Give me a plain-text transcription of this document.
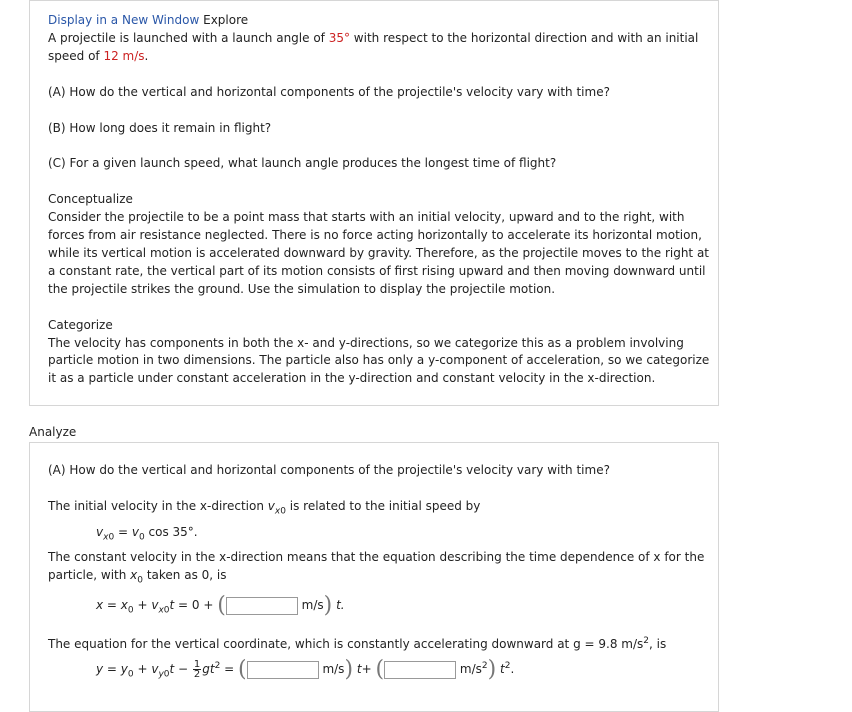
Display in a New Window Explore
A projectile is launched with a launch angle of 35° with respect to the horizontal direction and with an initial
speed of 12 m/s.
(A) How do the vertical and horizontal components of the projectile's velocity vary with time?
(B) How long does it remain in flight?
(C) For a given launch speed, what launch angle produces the longest time of flight?
Conceptualize
Consider the projectile to be a point mass that starts with an initial velocity, upward and to the right, with
forces from air resistance neglected. There is no force acting horizontally to accelerate its horizontal motion,
while its vertical motion is accelerated downward by gravity. Therefore, as the projectile moves to the right at
a constant rate, the vertical part of its motion consists of first rising upward and then moving downward until
the projectile strikes the ground. Use the simulation to display the projectile motion.
Categorize
The velocity has components in both the x- and y-directions, so we categorize this as a problem involving
particle motion in two dimensions. The particle also has only a y-component of acceleration, so we categorize
it as a particle under constant acceleration in the y-direction and constant velocity in the x-direction.
Analyze
(A) How do the vertical and horizontal components of the projectile's velocity vary with time?
The initial velocity in the x-direction $v_{x0}$ is related to the initial speed by
$v_{x0} = v_0$ cos 35°.
The constant velocity in the x-direction means that the equation describing the time dependence of x for the
particle, with $x_0$ taken as 0, is
$x = x_0 + v_{x0}t = 0$ + (	m/s) t.
The equation for the vertical coordinate, which is constantly accelerating downward at g = 9.8 $m/s^2$, is
$y = y_0 + v_{y0}t - \frac{1}{2} gt^2$ = (	m/s) t+ (	$m/s^2$) $t^2$.
